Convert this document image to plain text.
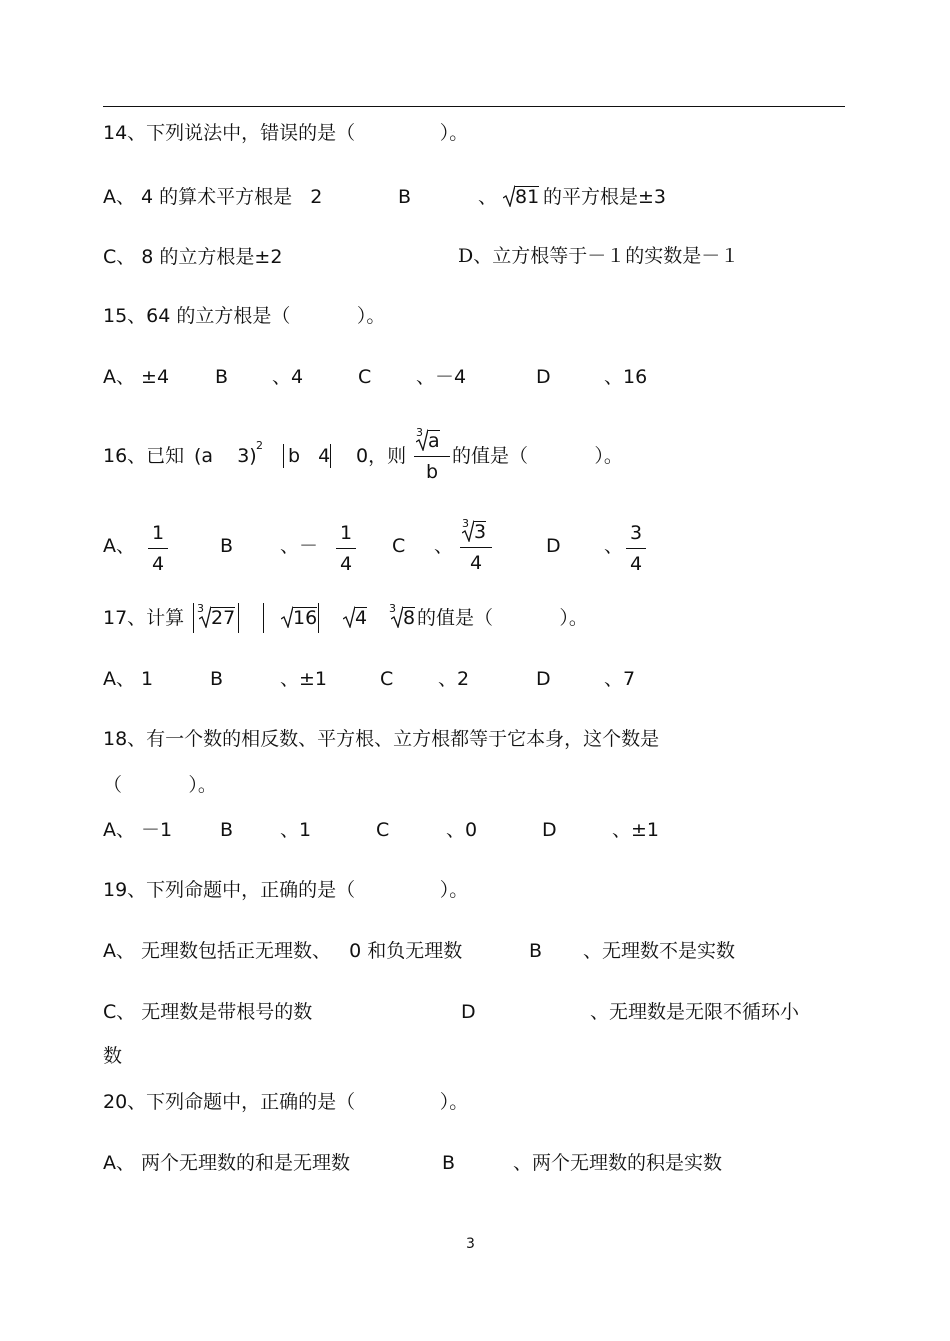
14、下列说法中，错误的是（              ）。
A、 4 的算术平方根是   2	B	、 81 的平方根是±3
C、 8 的立方根是±2	D、立方根等于－１的实数是－１
15、64 的立方根是（           ）。
A、 ±4 B 、4	C 、－4	D	、16
16、已知 (a    3) 2 b   4 0，则
3 a
b
的值是（           ）。
A、
1
4
B 、－
1
4
C 、
3 3
4
D 、
3
4
17、计算 3 27	16 4 3 8 的值是（           ）。
A、 1	B	、±1	C 、2	D	、7
18、有一个数的相反数、平方根、立方根都等于它本身，这个数是
（           ）。
A、 －1	B 、1	C	、0	D	、±1
19、下列命题中，正确的是（              ）。
A、 无理数包括正无理数、   0 和负无理数	B 、无理数不是实数
C、 无理数是带根号的数	D	、无理数是无限不循环小
数
20、下列命题中，正确的是（              ）。
A、 两个无理数的和是无理数	B	、两个无理数的积是实数
3
